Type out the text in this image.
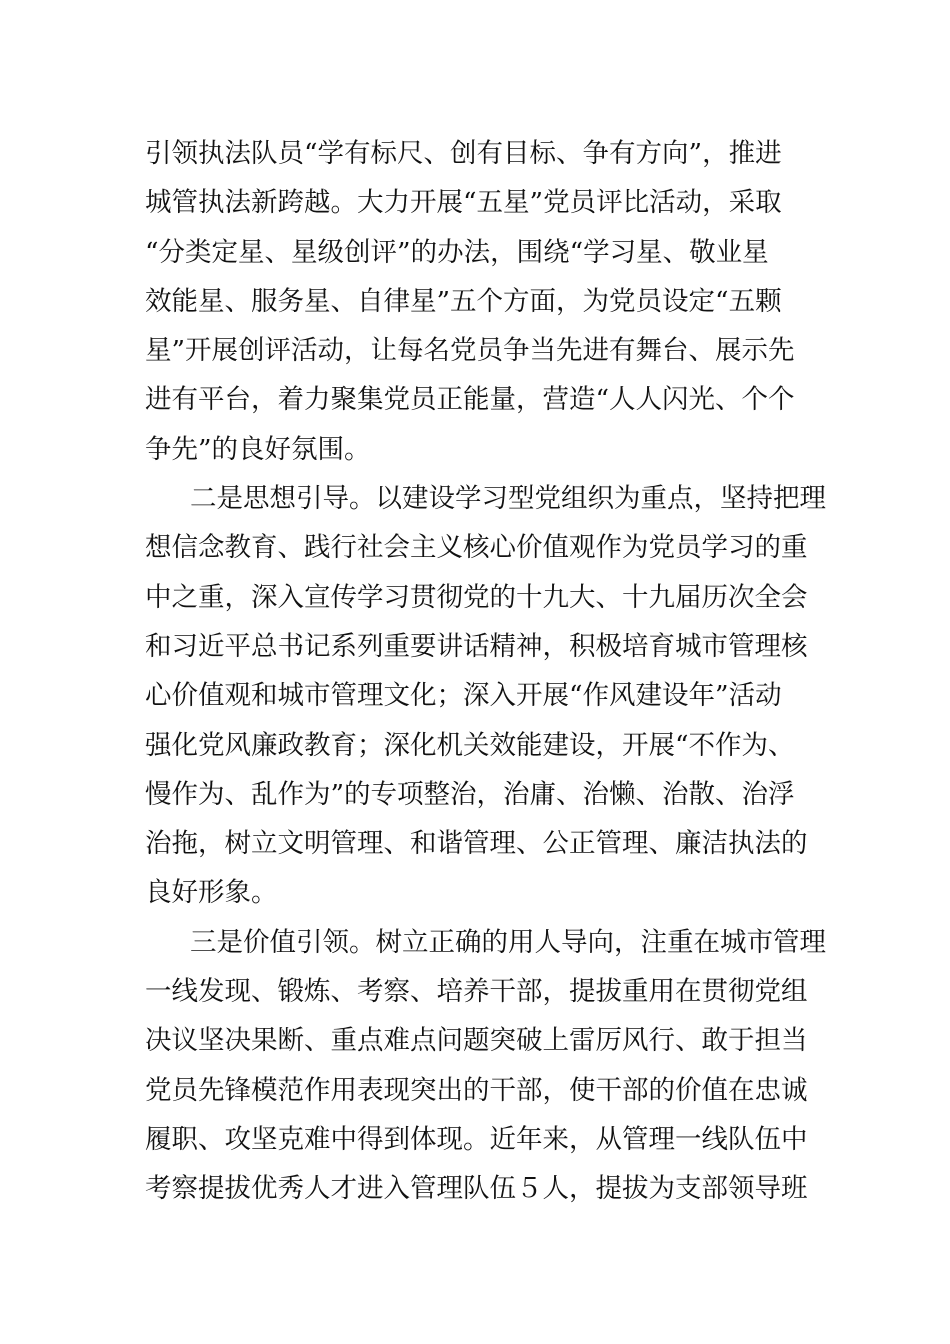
引领执法队员“学有标尺、创有目标、争有方向”，推进
城管执法新跨越。大力开展“五星”党员评比活动，采取
“分类定星、星级创评”的办法，围绕“学习星、敬业星
效能星、服务星、自律星”五个方面，为党员设定“五颗
星”开展创评活动，让每名党员争当先进有舞台、展示先
进有平台，着力聚集党员正能量，营造“人人闪光、个个
争先”的良好氛围。
二是思想引导。以建设学习型党组织为重点，坚持把理
想信念教育、践行社会主义核心价值观作为党员学习的重
中之重，深入宣传学习贯彻党的十九大、十九届历次全会
和习近平总书记系列重要讲话精神，积极培育城市管理核
心价值观和城市管理文化；深入开展“作风建设年”活动
强化党风廉政教育；深化机关效能建设，开展“不作为、
慢作为、乱作为”的专项整治，治庸、治懒、治散、治浮
治拖，树立文明管理、和谐管理、公正管理、廉洁执法的
良好形象。
三是价值引领。树立正确的用人导向，注重在城市管理
一线发现、锻炼、考察、培养干部，提拔重用在贯彻党组
决议坚决果断、重点难点问题突破上雷厉风行、敢于担当
党员先锋模范作用表现突出的干部，使干部的价值在忠诚
履职、攻坚克难中得到体现。近年来，从管理一线队伍中
考察提拔优秀人才进入管理队伍５人，提拔为支部领导班
